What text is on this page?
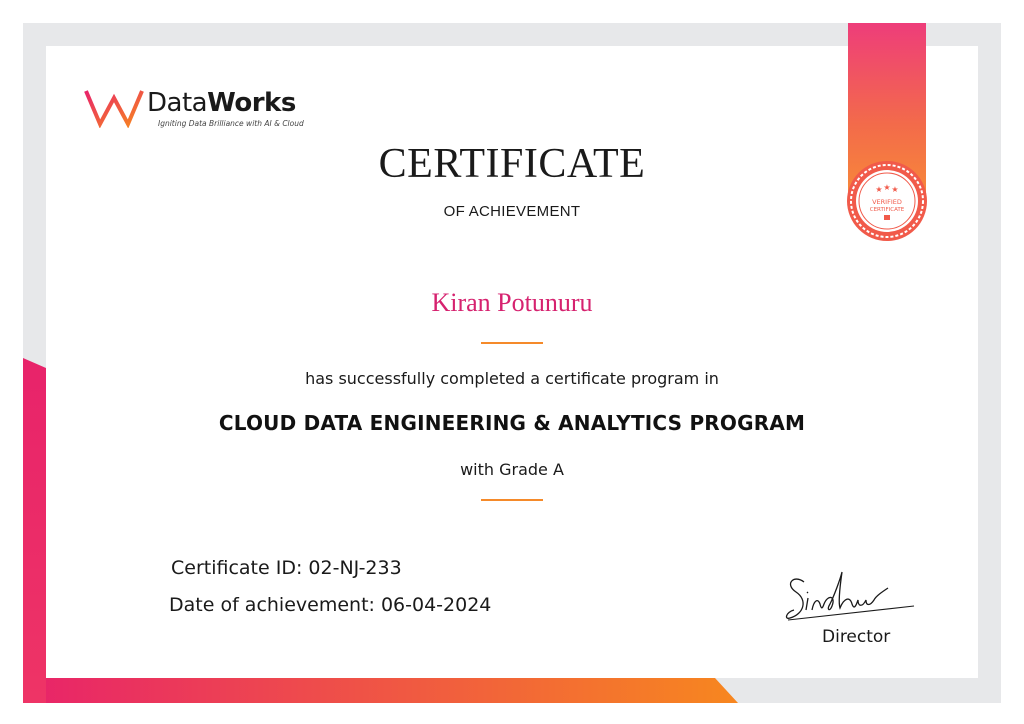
★ ★ ★
VERIFIED
CERTIFICATE
DataWorks
Igniting Data Brilliance with AI & Cloud
CERTIFICATE
OF ACHIEVEMENT
Kiran Potunuru
has successfully completed a certificate program in
CLOUD DATA ENGINEERING & ANALYTICS PROGRAM
with Grade A
Certificate ID: 02-NJ-233
Date of achievement: 06-04-2024
Director
